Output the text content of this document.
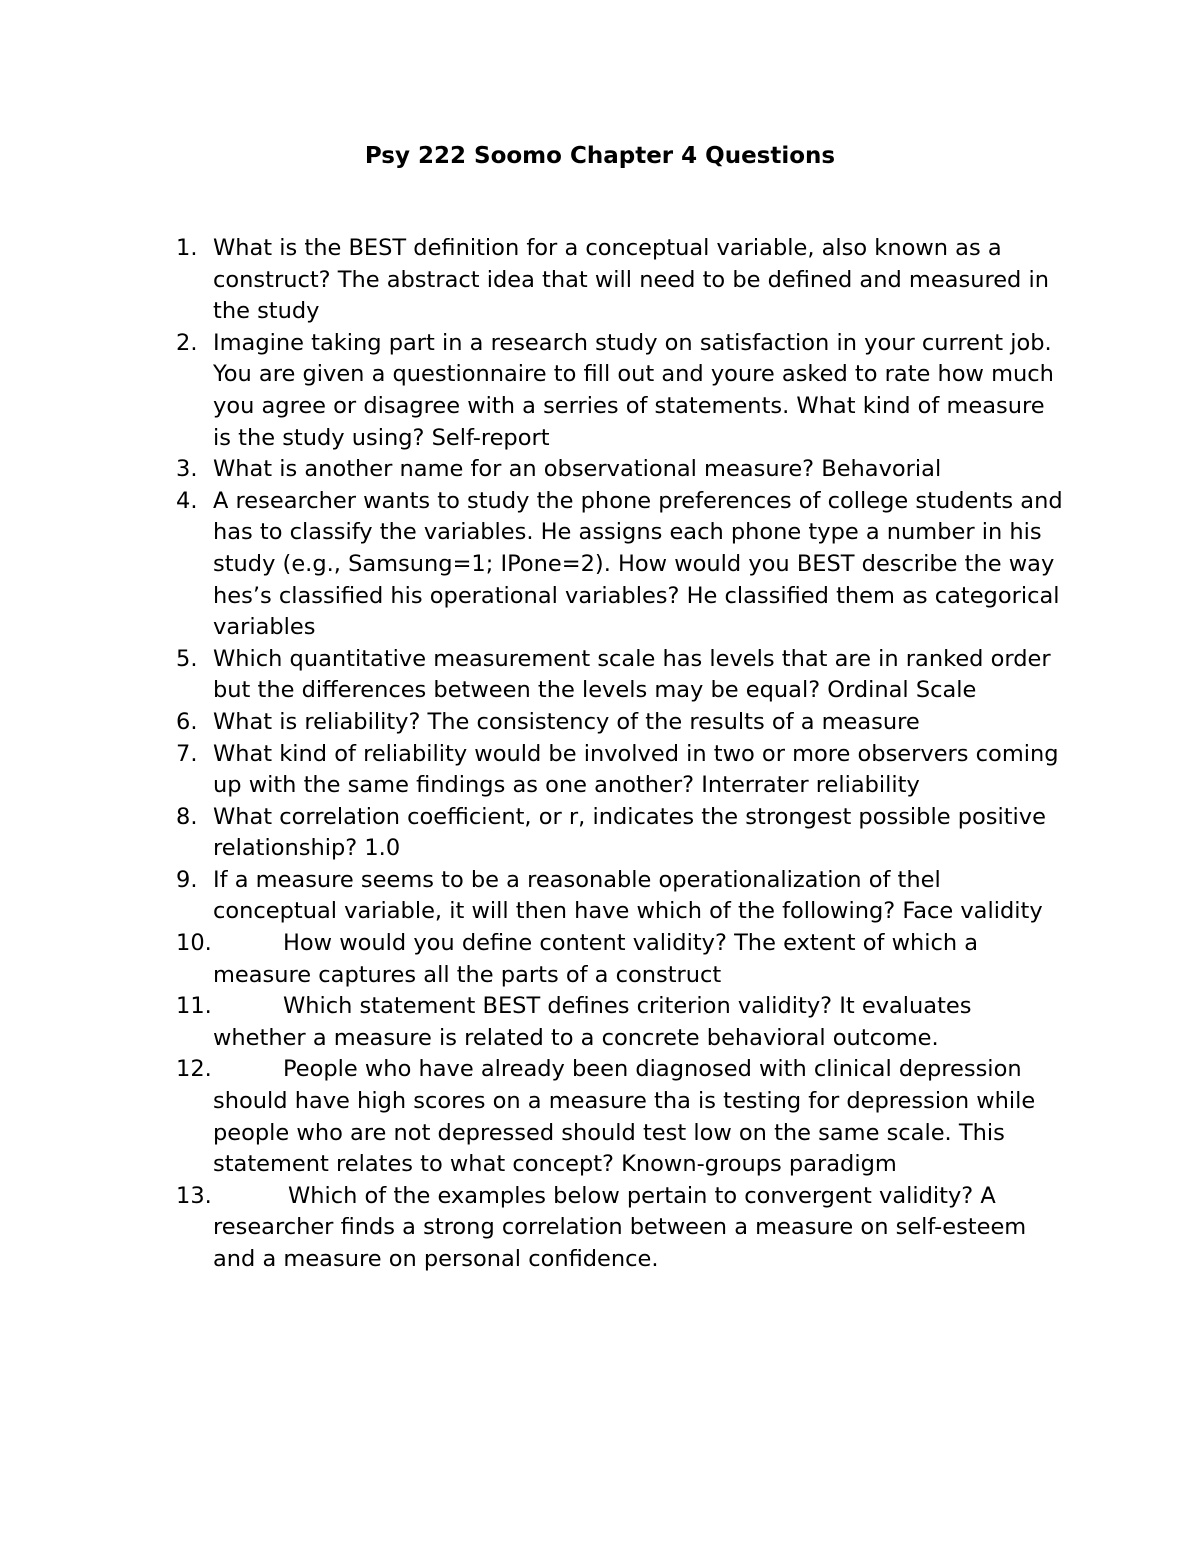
Psy 222 Soomo Chapter 4 Questions
1. What is the BEST definition for a conceptual variable, also known as a construct? The abstract idea that will need to be defined and measured in the study
2. Imagine taking part in a research study on satisfaction in your current job. You are given a questionnaire to fill out and youre asked to rate how much you agree or disagree with a serries of statements. What kind of measure is the study using? Self-report
3. What is another name for an observational measure? Behavorial
4. A researcher wants to study the phone preferences of college students and has to classify the variables. He assigns each phone type a number in his study (e.g., Samsung=1; IPone=2). How would you BEST describe the way hes’s classified his operational variables? He classified them as categorical variables
5. Which quantitative measurement scale has levels that are in ranked order but the differences between the levels may be equal? Ordinal Scale
6. What is reliability? The consistency of the results of a measure
7. What kind of reliability would be involved in two or more observers coming up with the same findings as one another? Interrater reliability
8. What correlation coefficient, or r, indicates the strongest possible positive relationship? 1.0
9. If a measure seems to be a reasonable operationalization of thel conceptual variable, it will then have which of the following? Face validity
10.	How would you define content validity? The extent of which a measure captures all the parts of a construct
11.	Which statement BEST defines criterion validity? It evaluates whether a measure is related to a concrete behavioral outcome.
12.	People who have already been diagnosed with clinical depression should have high scores on a measure tha is testing for depression while people who are not depressed should test low on the same scale. This statement relates to what concept? Known-groups paradigm
13.	Which of the examples below pertain to convergent validity? A researcher finds a strong correlation between a measure on self-esteem and a measure on personal confidence.
